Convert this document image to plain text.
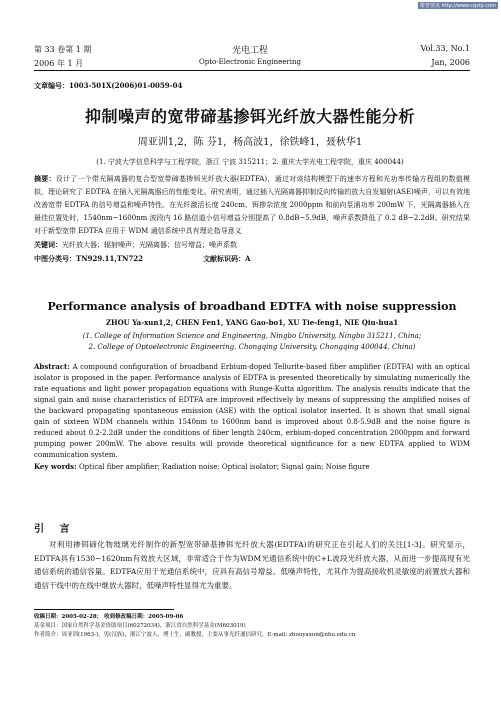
维普资讯 http://www.cqvip.com
第 33 卷第 1 期
2006 年 1 月
光电工程
Opto-Electronic Engineering
Vol.33, No.1
Jan, 2006
文章编号：1003-501X(2006)01-0059-04
抑制噪声的宽带碲基掺铒光纤放大器性能分析
周亚训1,2，陈 芬1，杨高波1，徐铁峰1，聂秋华1
(1. 宁波大学信息科学与工程学院，浙江 宁波 315211；2. 重庆大学光电工程学院，重庆 400044)
摘要：设计了一个带光隔离器的复合型宽带碲基掺铒光纤放大器(EDTFA)，通过对该结构模型下的速率方程和光功率传输方程组的数值模拟，理论研究了 EDTFA 在插入光隔离器后的性能变化。研究表明，通过插入光隔离器抑制反向传输的放大自发辐射(ASE)噪声，可以有效地改善宽带 EDTFA 的信号增益和噪声特性。在光纤激活长度 240cm、铒掺杂浓度 2000ppm 和前向泵浦功率 200mW 下，光隔离器插入在最佳位置处时，1540nm~1600nm 波段内 16 路信道小信号增益分别提高了 0.8dB~5.9dB，噪声系数降低了 0.2 dB~2.2dB。研究结果对于新型宽带 EDTFA 应用于 WDM 通信系统中具有理论指导意义
关键词：光纤放大器；辐射噪声；光隔离器；信号增益；噪声系数
中图分类号：TN929.11,TN722	文献标识码：A
Performance analysis of broadband EDTFA with noise suppression
ZHOU Ya-xun1,2, CHEN Fen1, YANG Gao-bo1, XU Tie-feng1, NIE Qiu-hua1
(1. College of Information Science and Engineering, Ningbo University, Ningbo 315211, China;
2. College of Optoelectronic Engineering, Chongqing University, Chongqing 400044, China)
Abstract: A compound configuration of broadband Erbium-doped Tellurite-based fiber amplifier (EDTFA) with an optical isolator is proposed in the paper. Performance analysis of EDTFA is presented theoretically by simulating numerically the rate equations and light power propagation equations with Runge-Kutta algorithm. The analysis results indicate that the signal gain and noise characteristics of EDTFA are improved effectively by means of suppressing the amplified noises of the backward propagating spontaneous emission (ASE) with the optical isolator inserted. It is shown that small signal gain of sixteen WDM channels within 1540nm to 1600nm band is improved about 0.8-5.9dB and the noise figure is reduced about 0.2-2.2dB under the conditions of fiber length 240cm, erbium-doped concentration 2000ppm and forward pumping power 200mW. The above results will provide theoretical significance for a new EDTFA applied to WDM communication system.
Key words: Optical fiber amplifier; Radiation noise; Optical isolator; Signal gain; Noise figure
引 言
对利用掺铒碲化物玻璃光纤制作的新型宽带碲基掺铒光纤放大器(EDTFA)的研究正在引起人们的关注[1-3]。研究显示，EDTFA具有1530~1620nm有效放大区域，非常适合于作为WDM光通信系统中的C+L波段光纤放大器，从而进一步提高现有光通信系统的通信容量。EDTFA应用于光通信系统中，应具有高信号增益、低噪声特性，尤其作为提高接收机灵敏度的前置放大器和通信干线中的在线中继放大器时，低噪声特性显得尤为重要。
收稿日期：2005-02-28； 收到修改稿日期：2005-09-06
基金项目：国家自然科学基金资助项目(60272034)，浙江省自然科学基金(M603019)
作者简介：周亚训(1963-)，男(汉族)，浙江宁波人，博士生，副教授，主要从事光纤通信研究。E-mail: zhouyaxun@nbu.edu.cn
